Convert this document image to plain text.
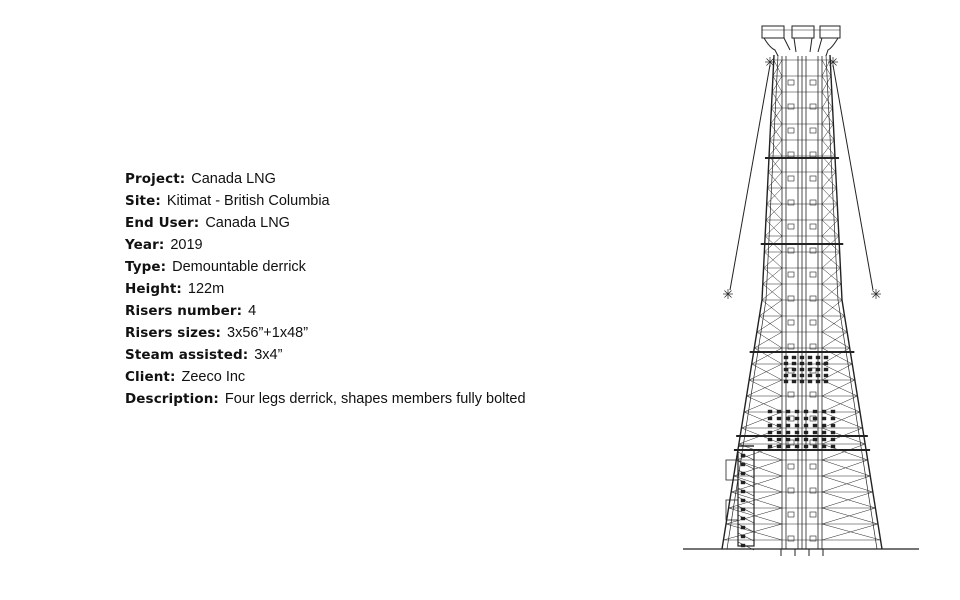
Project: Canada LNG
Site: Kitimat - British Columbia
End User: Canada LNG
Year: 2019
Type: Demountable derrick
Height: 122m
Risers number: 4
Risers sizes: 3x56”+1x48”
Steam assisted: 3x4”
Client: Zeeco Inc
Description: Four legs derrick, shapes members fully bolted
